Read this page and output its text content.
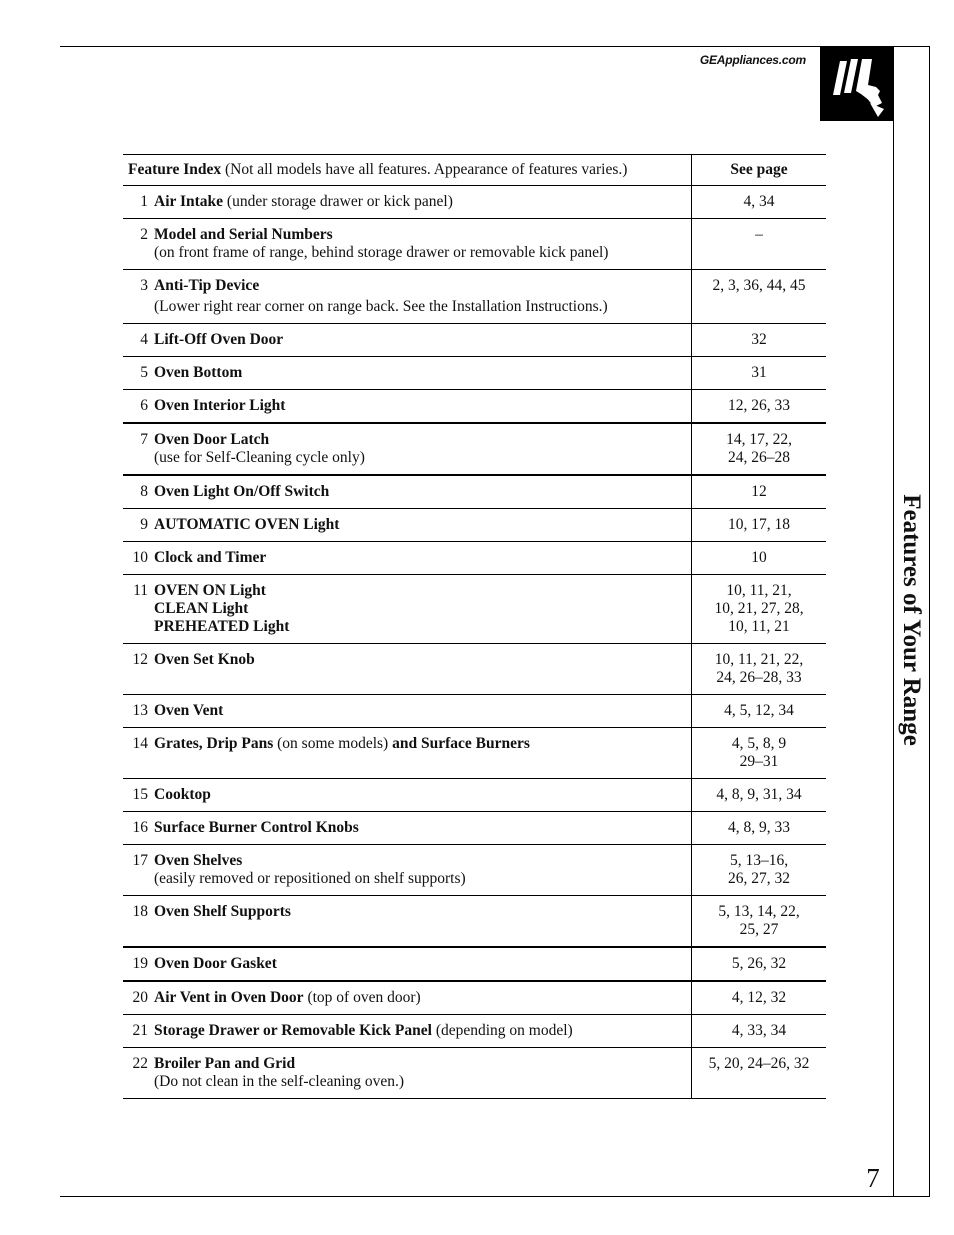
GEAppliances.com
Features of Your Range
7
Feature Index (Not all models have all features. Appearance of features varies.)		See page
1	Air Intake (under storage drawer or kick panel)	4, 34

2	Model and Serial Numbers
(on front frame of range, behind storage drawer or removable kick panel)	–

3	Anti-Tip Device
(Lower right rear corner on range back. See the Installation Instructions.)	2, 3, 36, 44, 45

4	Lift-Off Oven Door	32

5	Oven Bottom	31

6	Oven Interior Light	12, 26, 33

7	Oven Door Latch
(use for Self-Cleaning cycle only)	14, 17, 22,
24, 26–28

8	Oven Light On/Off Switch	12

9	AUTOMATIC OVEN Light	10, 17, 18

10	Clock and Timer	10

11	OVEN ON Light
CLEAN Light
PREHEATED Light	10, 11, 21,
10, 21, 27, 28,
10, 11, 21

12	Oven Set Knob	10, 11, 21, 22,
24, 26–28, 33

13	Oven Vent	4, 5, 12, 34

14	Grates, Drip Pans (on some models) and Surface Burners	4, 5, 8, 9
29–31

15	Cooktop	4, 8, 9, 31, 34

16	Surface Burner Control Knobs	4, 8, 9, 33

17	Oven Shelves
(easily removed or repositioned on shelf supports)	5, 13–16,
26, 27, 32

18	Oven Shelf Supports	5, 13, 14, 22,
25, 27

19	Oven Door Gasket	5, 26, 32

20	Air Vent in Oven Door (top of oven door)	4, 12, 32

21	Storage Drawer or Removable Kick Panel (depending on model)	4, 33, 34

22	Broiler Pan and Grid
(Do not clean in the self-cleaning oven.)	5, 20, 24–26, 32
